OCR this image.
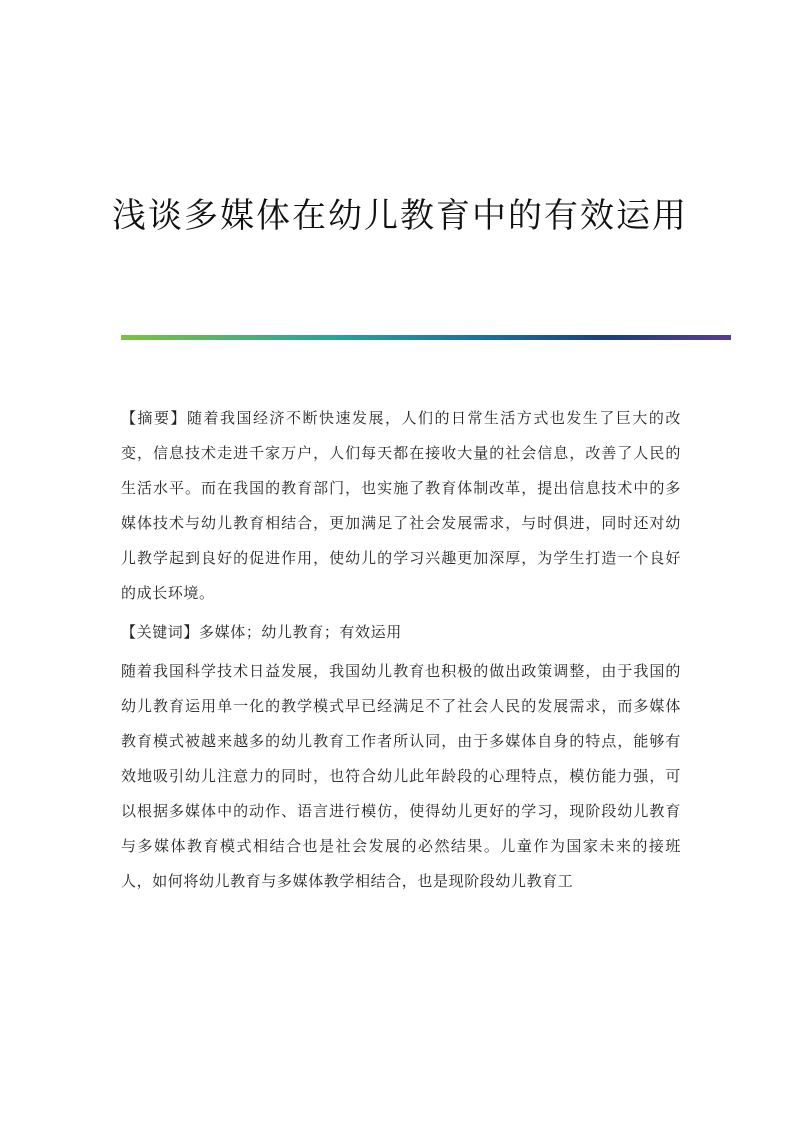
浅谈多媒体在幼儿教育中的有效运用

【摘要】随着我国经济不断快速发展，人们的日常生活方式也发生了巨大的改变，信息技术走进千家万户，人们每天都在接收大量的社会信息，改善了人民的生活水平。而在我国的教育部门，也实施了教育体制改革，提出信息技术中的多媒体技术与幼儿教育相结合，更加满足了社会发展需求，与时俱进，同时还对幼儿教学起到良好的促进作用，使幼儿的学习兴趣更加深厚，为学生打造一个良好的成长环境。

【关键词】多媒体；幼儿教育；有效运用

随着我国科学技术日益发展，我国幼儿教育也积极的做出政策调整，由于我国的幼儿教育运用单一化的教学模式早已经满足不了社会人民的发展需求，而多媒体教育模式被越来越多的幼儿教育工作者所认同，由于多媒体自身的特点，能够有效地吸引幼儿注意力的同时，也符合幼儿此年龄段的心理特点，模仿能力强，可以根据多媒体中的动作、语言进行模仿，使得幼儿更好的学习，现阶段幼儿教育与多媒体教育模式相结合也是社会发展的必然结果。儿童作为国家未来的接班人，如何将幼儿教育与多媒体教学相结合，也是现阶段幼儿教育工
